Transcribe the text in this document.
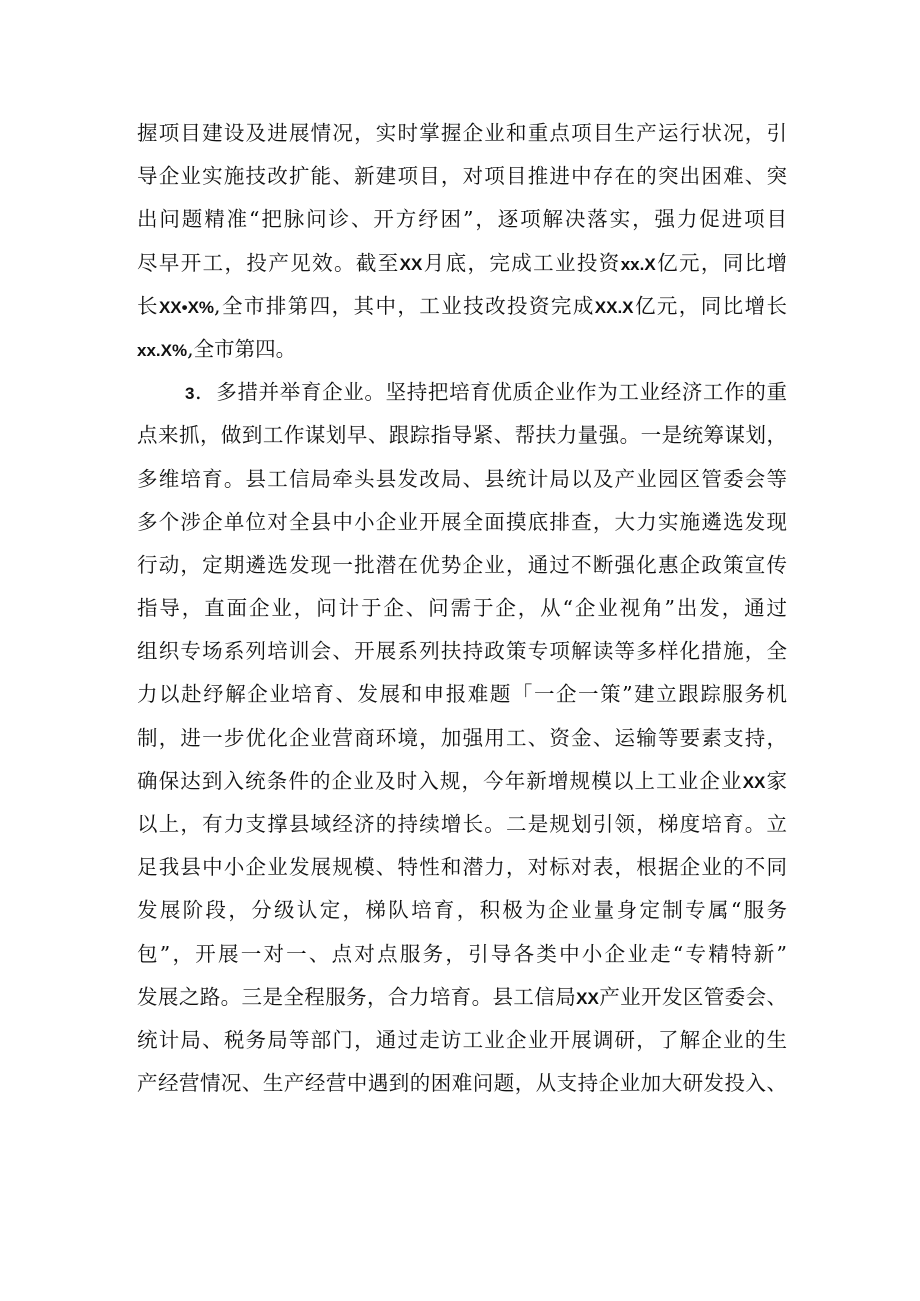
握项目建设及进展情况，实时掌握企业和重点项目生产运行状况，引
导企业实施技改扩能、新建项目，对项目推进中存在的突出困难、突
出问题精准“把脉问诊、开方纾困”，逐项解决落实，强力促进项目
尽早开工，投产见效。截至XX月底，完成工业投资xx.X亿元，同比增
长XX•X%,全市排第四，其中，工业技改投资完成XX.X亿元，同比增长
xx.X%,全市第四。
3．多措并举育企业。坚持把培育优质企业作为工业经济工作的重
点来抓，做到工作谋划早、跟踪指导紧、帮扶力量强。一是统筹谋划，
多维培育。县工信局牵头县发改局、县统计局以及产业园区管委会等
多个涉企单位对全县中小企业开展全面摸底排查，大力实施遴选发现
行动，定期遴选发现一批潜在优势企业，通过不断强化惠企政策宣传
指导，直面企业，问计于企、问需于企，从“企业视角”出发，通过
组织专场系列培训会、开展系列扶持政策专项解读等多样化措施，全
力以赴纾解企业培育、发展和申报难题「一企一策”建立跟踪服务机
制，进一步优化企业营商环境，加强用工、资金、运输等要素支持，
确保达到入统条件的企业及时入规，今年新增规模以上工业企业XX家
以上，有力支撑县域经济的持续增长。二是规划引领，梯度培育。立
足我县中小企业发展规模、特性和潜力，对标对表，根据企业的不同
发展阶段，分级认定，梯队培育，积极为企业量身定制专属“服务
包”，开展一对一、点对点服务，引导各类中小企业走“专精特新”
发展之路。三是全程服务，合力培育。县工信局XX产业开发区管委会、
统计局、税务局等部门，通过走访工业企业开展调研，了解企业的生
产经营情况、生产经营中遇到的困难问题，从支持企业加大研发投入、
